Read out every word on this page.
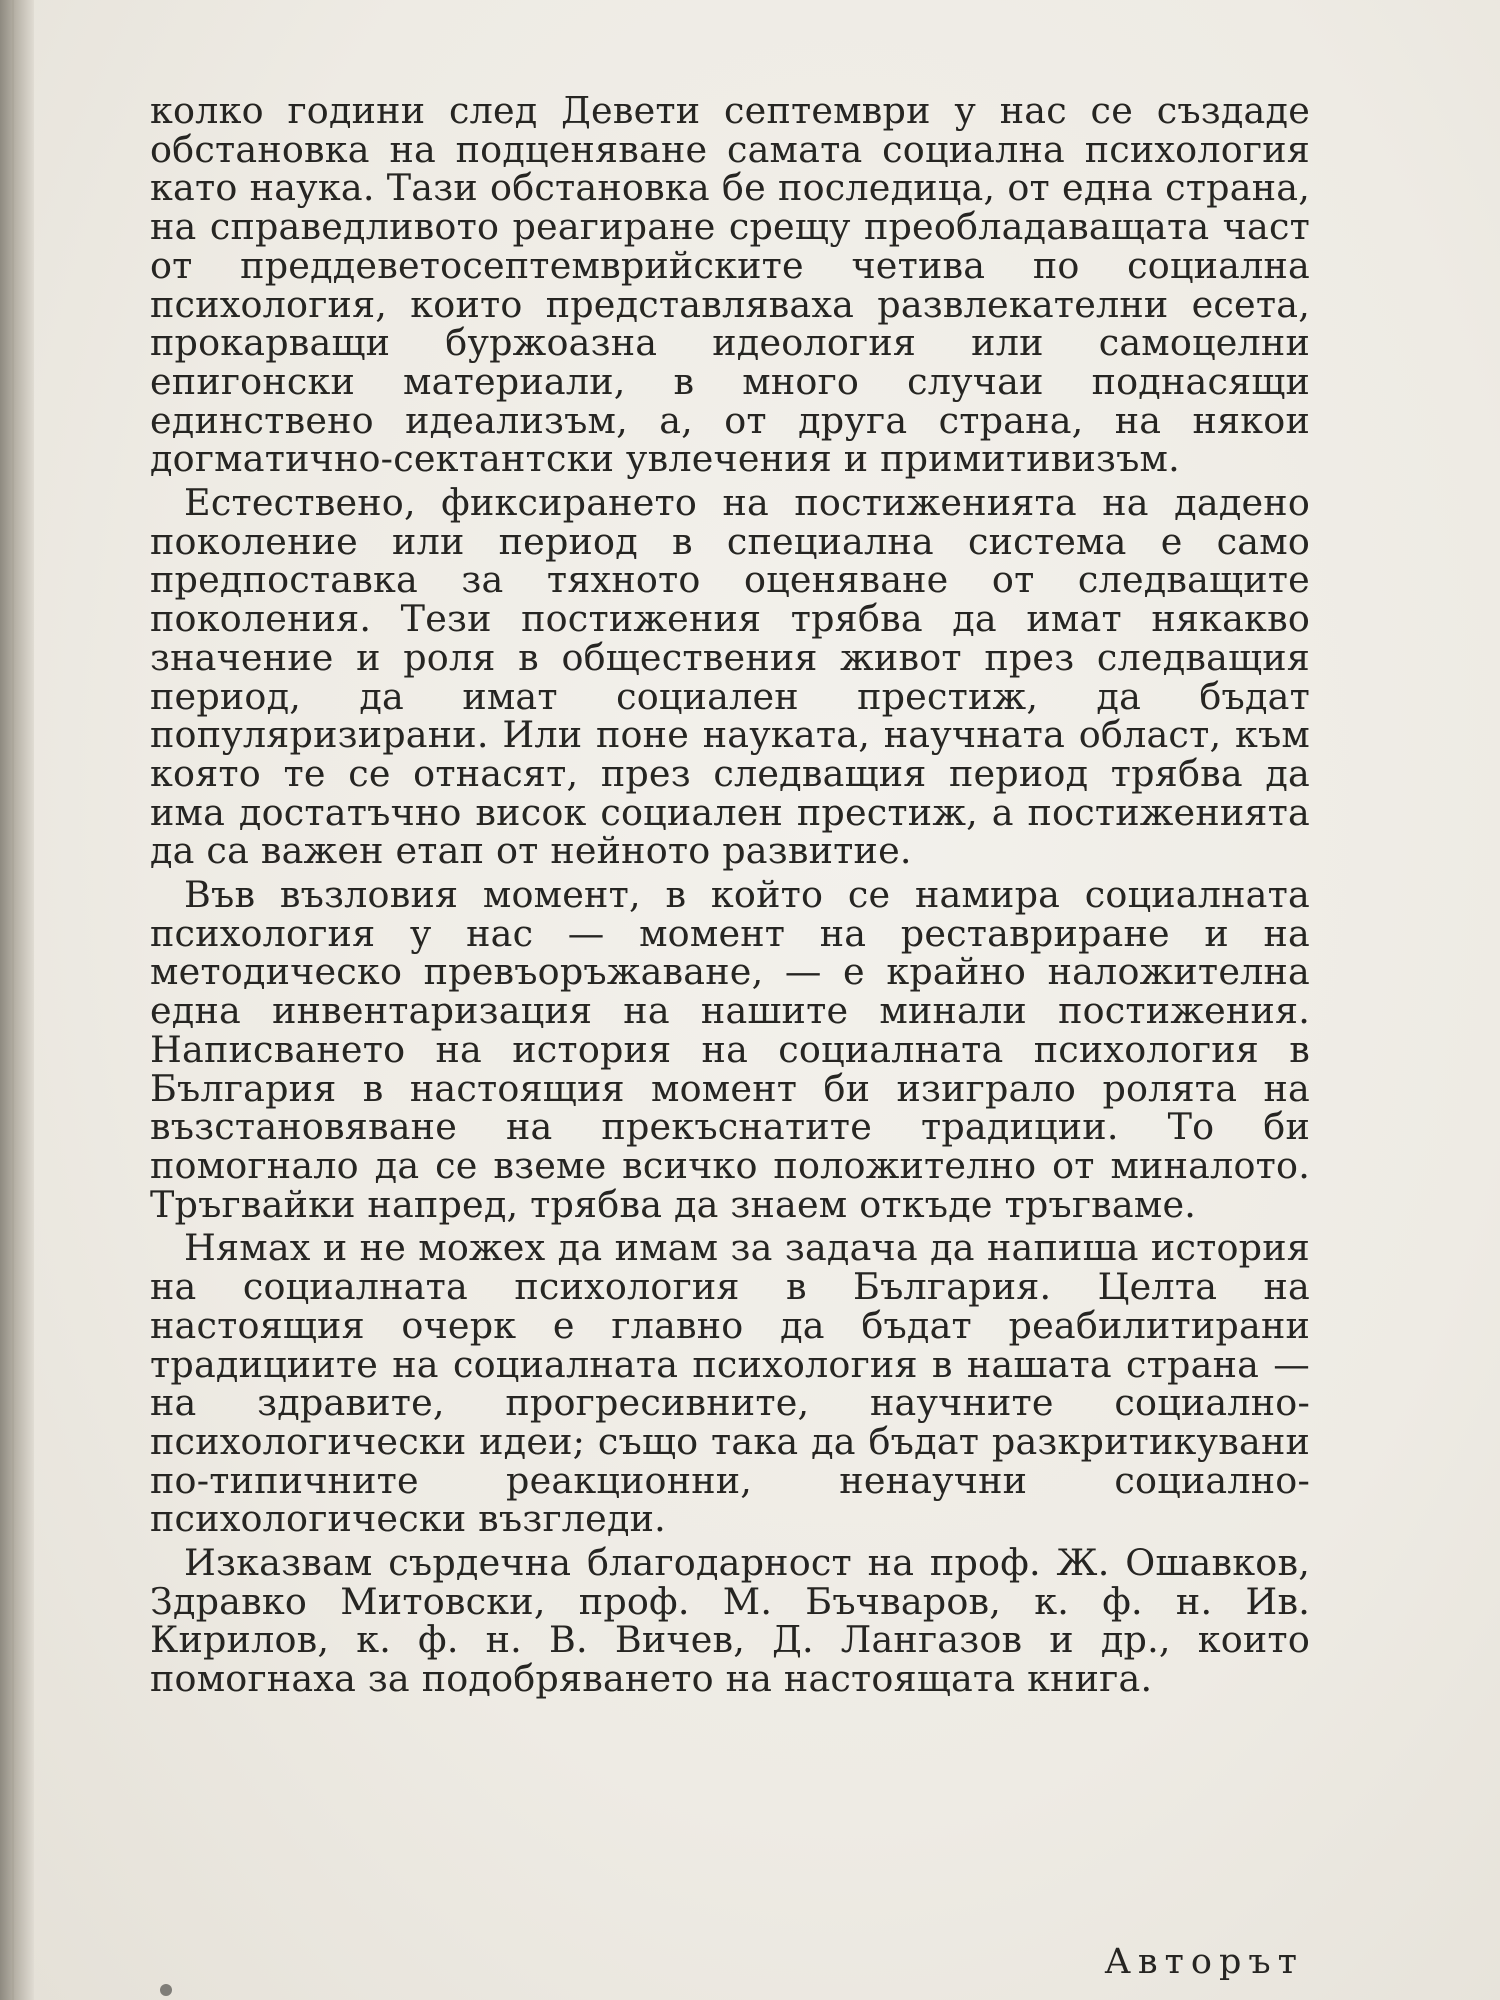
колко години след Девети септември у нас се създаде обстановка на подценяване самата социална психология като наука. Тази обстановка бе последица, от една страна, на справедливото реагиране срещу преобладаващата част от преддеветосептемврийските четива по социална психология, които представляваха развлекателни есета, прокарващи буржоазна идеология или самоцелни епигонски материали, в много случаи поднасящи единствено идеализъм, а, от друга страна, на някои догматично-сектантски увлечения и примитивизъм.

Естествено, фиксирането на постиженията на дадено поколение или период в специална система е само предпоставка за тяхното оценяване от следващите поколения. Тези постижения трябва да имат някакво значение и роля в обществения живот през следващия период, да имат социален престиж, да бъдат популяризирани. Или поне науката, научната област, към която те се отнасят, през следващия период трябва да има достатъчно висок социален престиж, а постиженията да са важен етап от нейното развитие.

Във възловия момент, в който се намира социалната психология у нас — момент на реставриране и на методическо превъоръжаване, — е крайно наложителна една инвентаризация на нашите минали постижения. Написването на история на социалната психология в България в настоящия момент би изиграло ролята на възстановяване на прекъснатите традиции. То би помогнало да се вземе всичко положително от миналото. Тръгвайки напред, трябва да знаем откъде тръгваме.

Нямах и не можех да имам за задача да напиша история на социалната психология в България. Целта на настоящия очерк е главно да бъдат реабилитирани традициите на социалната психология в нашата страна — на здравите, прогресивните, научните социално-психологически идеи; също така да бъдат разкритикувани по-типичните реакционни, ненаучни социално-психологически възгледи.

Изказвам сърдечна благодарност на проф. Ж. Ошавков, Здравко Митовски, проф. М. Бъчваров, к. ф. н. Ив. Кирилов, к. ф. н. В. Вичев, Д. Лангазов и др., които помогнаха за подобряването на настоящата книга.

Авторът
